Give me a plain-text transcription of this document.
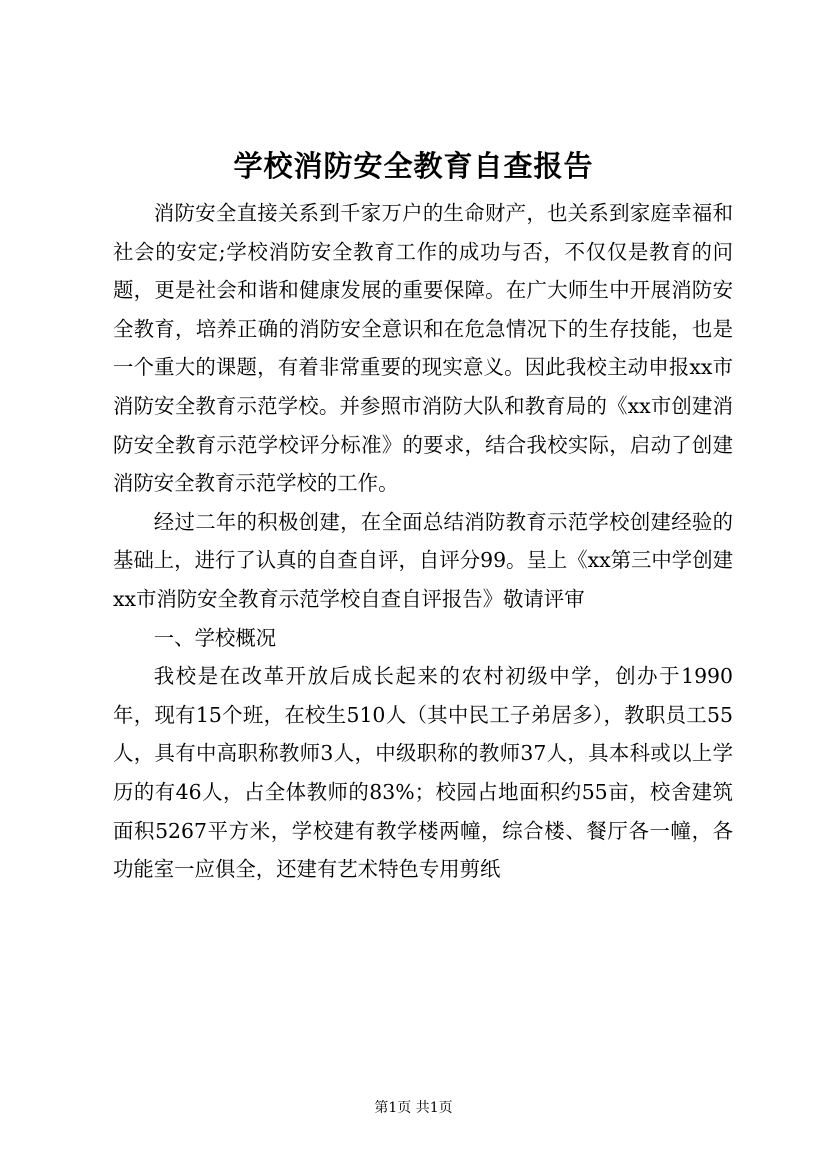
学校消防安全教育自查报告

消防安全直接关系到千家万户的生命财产，也关系到家庭幸福和社会的安定;学校消防安全教育工作的成功与否，不仅仅是教育的问题，更是社会和谐和健康发展的重要保障。在广大师生中开展消防安全教育，培养正确的消防安全意识和在危急情况下的生存技能，也是一个重大的课题，有着非常重要的现实意义。因此我校主动申报xx市消防安全教育示范学校。并参照市消防大队和教育局的《xx市创建消防安全教育示范学校评分标准》的要求，结合我校实际，启动了创建消防安全教育示范学校的工作。

经过二年的积极创建，在全面总结消防教育示范学校创建经验的基础上，进行了认真的自查自评，自评分99。呈上《xx第三中学创建xx市消防安全教育示范学校自查自评报告》敬请评审

一、学校概况

我校是在改革开放后成长起来的农村初级中学，创办于1990年，现有15个班，在校生510人（其中民工子弟居多），教职员工55人，具有中高职称教师3人，中级职称的教师37人，具本科或以上学历的有46人，占全体教师的83%；校园占地面积约55亩，校舍建筑面积5267平方米，学校建有教学楼两幢，综合楼、餐厅各一幢，各功能室一应俱全，还建有艺术特色专用剪纸

第1页 共1页
